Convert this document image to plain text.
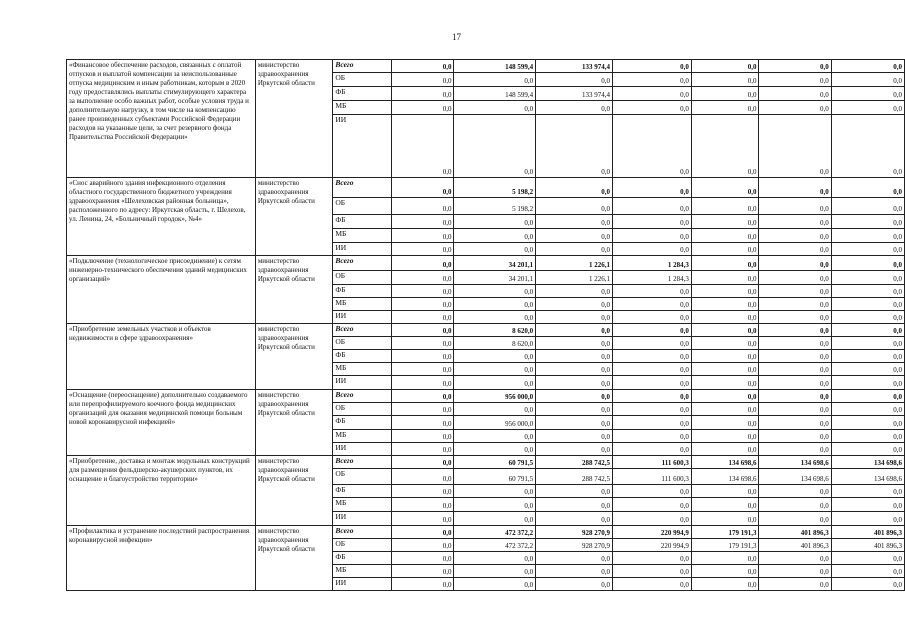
17
«Финансовое обеспечение расходов, связанных с оплатой отпусков и выплатой компенсации за неиспользованные отпуска медицинским и иным работникам, которым в 2020 году предоставлялись выплаты стимулирующего характера за выполнение особо важных работ, особые условия труда и дополнительную нагрузку, в том числе на компенсацию ранее произведенных субъектами Российской Федерации расходов на указанные цели, за счет резервного фонда Правительства Российской Федерации»	министерство здравоохранения Иркутской области	Всего	0,0	148 599,4	133 974,4	0,0	0,0	0,0	0,0
		ОБ	0,0	0,0	0,0	0,0	0,0	0,0	0,0
		ФБ	0,0	148 599,4	133 974,4	0,0	0,0	0,0	0,0
		МБ	0,0	0,0	0,0	0,0	0,0	0,0	0,0
		ИИ	0,0	0,0	0,0	0,0	0,0	0,0	0,0
«Снос аварийного здания инфекционного отделения областного государственного бюджетного учреждения здравоохранения «Шелеховская районная больница», расположенного по адресу: Иркутская область, г. Шелехов, ул. Ленина, 24, «Больничный городок», №4»	министерство здравоохранения Иркутской области	Всего	0,0	5 198,2	0,0	0,0	0,0	0,0	0,0
		ОБ	0,0	5 198,2	0,0	0,0	0,0	0,0	0,0
		ФБ	0,0	0,0	0,0	0,0	0,0	0,0	0,0
		МБ	0,0	0,0	0,0	0,0	0,0	0,0	0,0
		ИИ	0,0	0,0	0,0	0,0	0,0	0,0	0,0
«Подключение (технологическое присоединение) к сетям инженерно-технического обеспечения зданий медицинских организаций»	министерство здравоохранения Иркутской области	Всего	0,0	34 201,1	1 226,1	1 284,3	0,0	0,0	0,0
		ОБ	0,0	34 201,1	1 226,1	1 284,3	0,0	0,0	0,0
		ФБ	0,0	0,0	0,0	0,0	0,0	0,0	0,0
		МБ	0,0	0,0	0,0	0,0	0,0	0,0	0,0
		ИИ	0,0	0,0	0,0	0,0	0,0	0,0	0,0
«Приобретение земельных участков и объектов недвижимости в сфере здравоохранения»	министерство здравоохранения Иркутской области	Всего	0,0	8 620,0	0,0	0,0	0,0	0,0	0,0
		ОБ	0,0	8 620,0	0,0	0,0	0,0	0,0	0,0
		ФБ	0,0	0,0	0,0	0,0	0,0	0,0	0,0
		МБ	0,0	0,0	0,0	0,0	0,0	0,0	0,0
		ИИ	0,0	0,0	0,0	0,0	0,0	0,0	0,0
«Оснащение (переоснащение) дополнительно создаваемого или перепрофилируемого коечного фонда медицинских организаций для оказания медицинской помощи больным новой коронавирусной инфекцией»	министерство здравоохранения Иркутской области	Всего	0,0	956 000,0	0,0	0,0	0,0	0,0	0,0
		ОБ	0,0	0,0	0,0	0,0	0,0	0,0	0,0
		ФБ	0,0	956 000,0	0,0	0,0	0,0	0,0	0,0
		МБ	0,0	0,0	0,0	0,0	0,0	0,0	0,0
		ИИ	0,0	0,0	0,0	0,0	0,0	0,0	0,0
«Приобретение, доставка и монтаж модульных конструкций для размещения фельдшерско-акушерских пунктов, их оснащение и благоустройство территории»	министерство здравоохранения Иркутской области	Всего	0,0	60 791,5	288 742,5	111 600,3	134 698,6	134 698,6	134 698,6
		ОБ	0,0	60 791,5	288 742,5	111 600,3	134 698,6	134 698,6	134 698,6
		ФБ	0,0	0,0	0,0	0,0	0,0	0,0	0,0
		МБ	0,0	0,0	0,0	0,0	0,0	0,0	0,0
		ИИ	0,0	0,0	0,0	0,0	0,0	0,0	0,0
«Профилактика и устранение последствий распространения коронавирусной инфекции»	министерство здравоохранения Иркутской области	Всего	0,0	472 372,2	928 270,9	220 994,9	179 191,3	401 896,3	401 896,3
		ОБ	0,0	472 372,2	928 270,9	220 994,9	179 191,3	401 896,3	401 896,3
		ФБ	0,0	0,0	0,0	0,0	0,0	0,0	0,0
		МБ	0,0	0,0	0,0	0,0	0,0	0,0	0,0
		ИИ	0,0	0,0	0,0	0,0	0,0	0,0	0,0
